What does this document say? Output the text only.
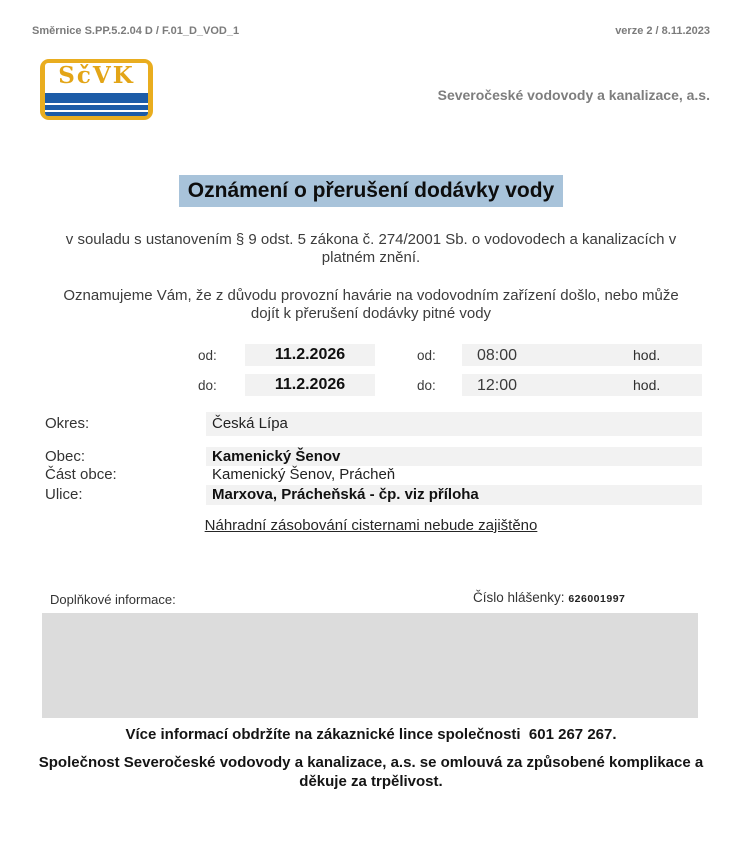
Směrnice S.PP.5.2.04 D / F.01_D_VOD_1	verze 2 / 8.11.2023
SčVK
Severočeské vodovody a kanalizace, a.s.
Oznámení o přerušení dodávky vody
v souladu s ustanovením § 9 odst. 5 zákona č. 274/2001 Sb. o vodovodech a kanalizacích v platném znění.
Oznamujeme Vám, že z důvodu provozní havárie na vodovodním zařízení došlo, nebo může dojít k přerušení dodávky pitné vody
od:	11.2.2026	od:	08:00	hod.
do:	11.2.2026	do:	12:00	hod.
Okres:	Česká Lípa
Obec:	Kamenický Šenov
Část obce:	Kamenický Šenov, Prácheň
Ulice:	Marxova, Prácheňská - čp. viz příloha
Náhradní zásobování cisternami nebude zajištěno
Doplňkové informace:	Číslo hlášenky: 626001997
Více informací obdržíte na zákaznické lince společnosti  601 267 267.
Společnost Severočeské vodovody a kanalizace, a.s. se omlouvá za způsobené komplikace a děkuje za trpělivost.
